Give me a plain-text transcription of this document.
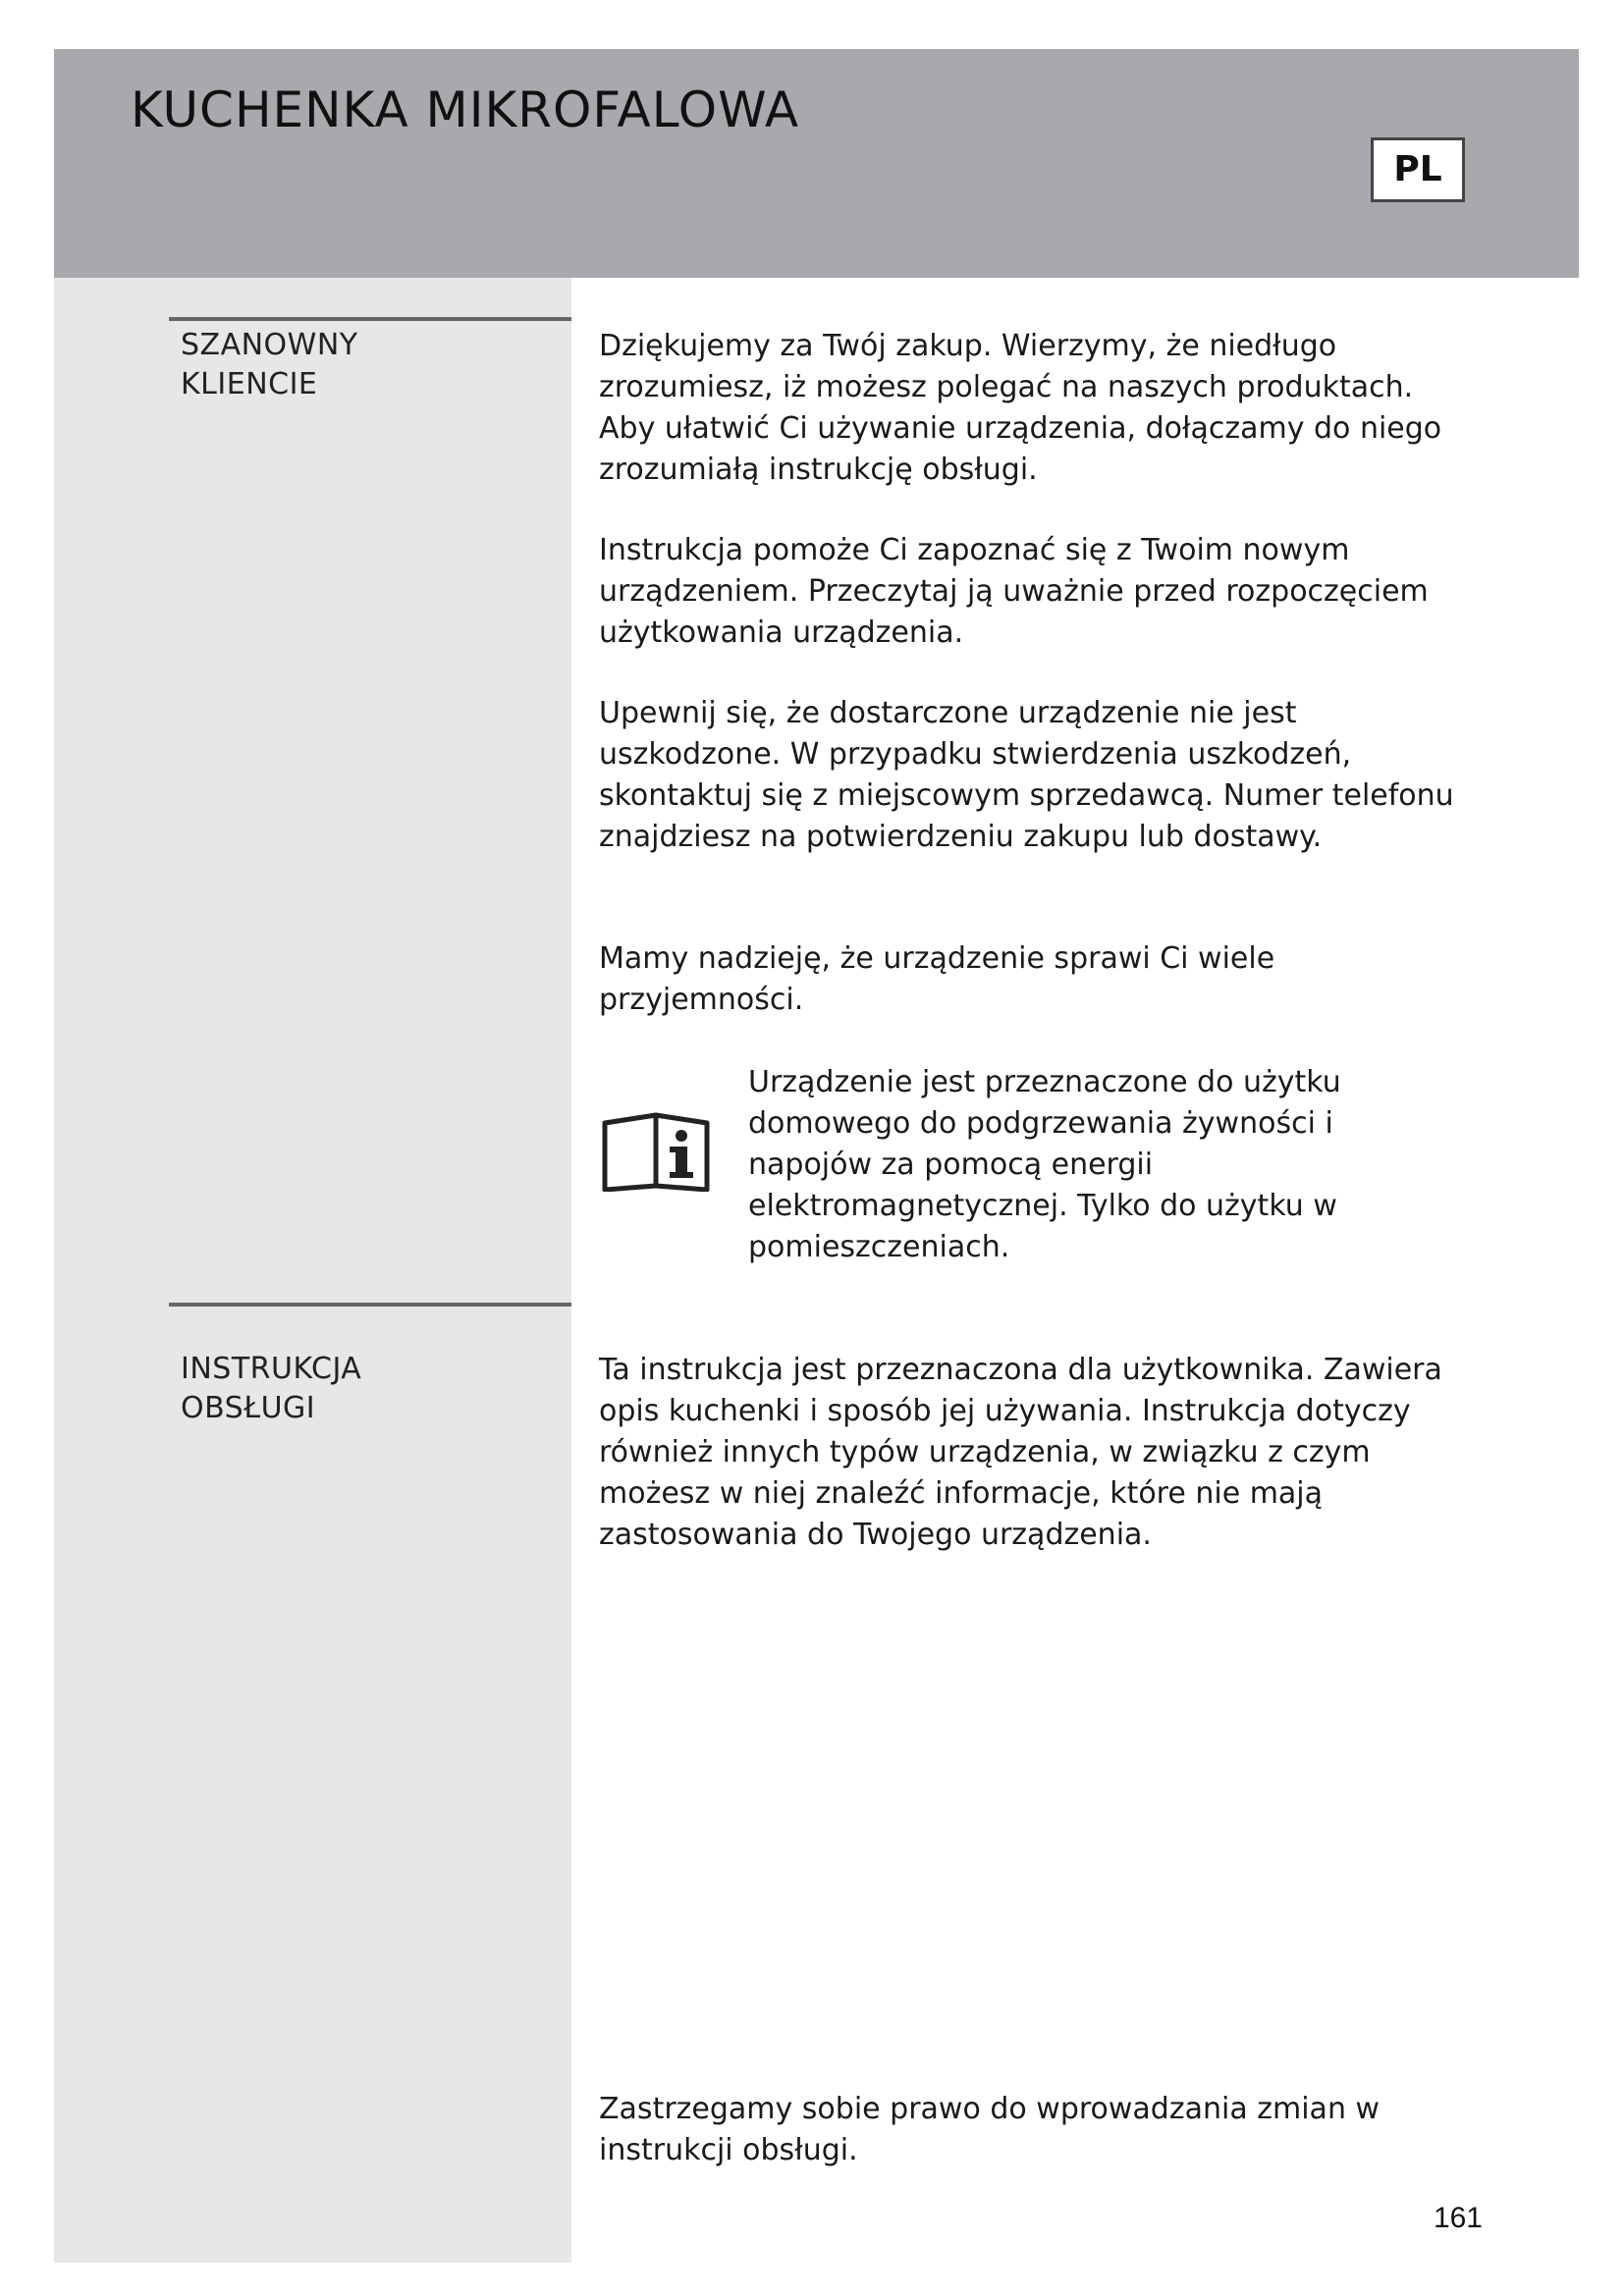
KUCHENKA MIKROFALOWA
PL
SZANOWNY
KLIENCIE

Dziękujemy za Twój zakup. Wierzymy, że niedługo zrozumiesz, iż możesz polegać na naszych produktach. Aby ułatwić Ci używanie urządzenia, dołączamy do niego zrozumiałą instrukcję obsługi.

Instrukcja pomoże Ci zapoznać się z Twoim nowym urządzeniem. Przeczytaj ją uważnie przed rozpoczęciem użytkowania urządzenia.

Upewnij się, że dostarczone urządzenie nie jest uszkodzone. W przypadku stwierdzenia uszkodzeń, skontaktuj się z miejscowym sprzedawcą. Numer telefonu znajdziesz na potwierdzeniu zakupu lub dostawy.

Mamy nadzieję, że urządzenie sprawi Ci wiele przyjemności.

Urządzenie jest przeznaczone do użytku domowego do podgrzewania żywności i napojów za pomocą energii elektromagnetycznej. Tylko do użytku w pomieszczeniach.

INSTRUKCJA
OBSŁUGI

Ta instrukcja jest przeznaczona dla użytkownika. Zawiera opis kuchenki i sposób jej używania. Instrukcja dotyczy również innych typów urządzenia, w związku z czym możesz w niej znaleźć informacje, które nie mają zastosowania do Twojego urządzenia.

Zastrzegamy sobie prawo do wprowadzania zmian w instrukcji obsługi.

161
